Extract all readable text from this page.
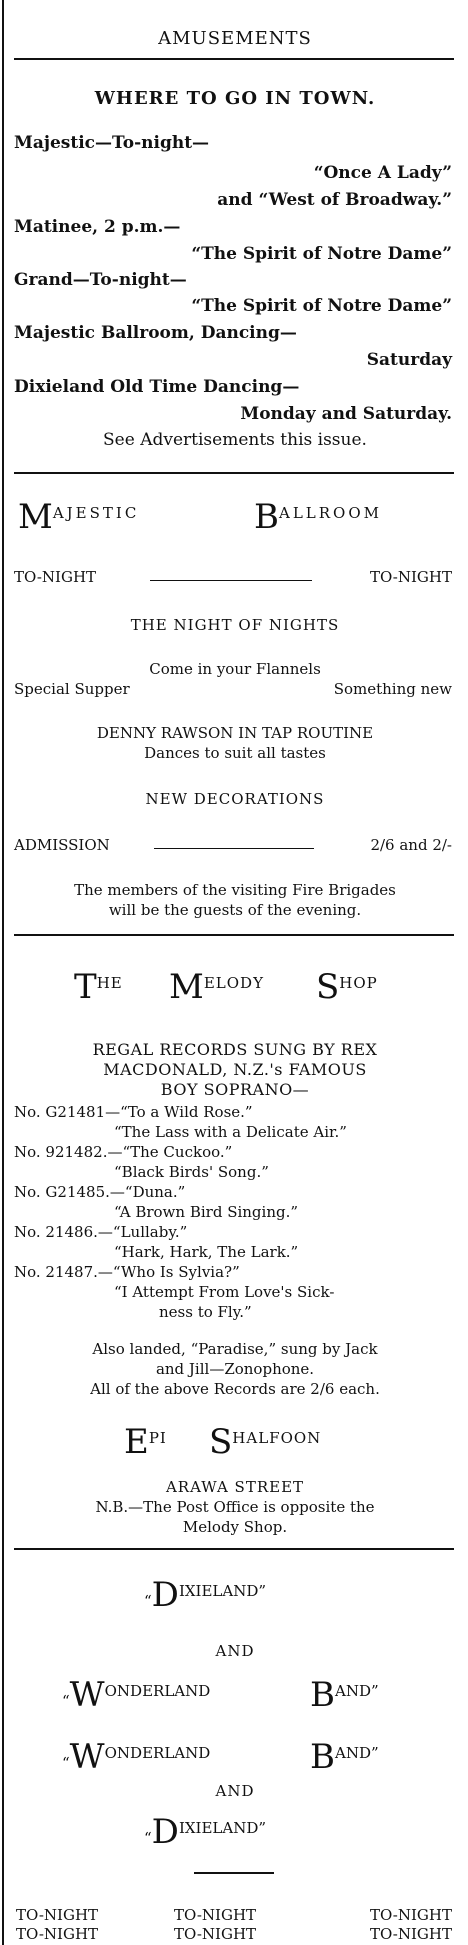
AMUSEMENTS
WHERE TO GO IN TOWN.
Majestic—To-night—
“Once A Lady”
and “West of Broadway.”
Matinee, 2 p.m.—
“The Spirit of Notre Dame”
Grand—To-night—
“The Spirit of Notre Dame”
Majestic Ballroom, Dancing—
Saturday
Dixieland Old Time Dancing—
Monday and Saturday.
See Advertisements this issue.
MAJESTIC	BALLROOM
TO-NIGHT	TO-NIGHT
THE NIGHT OF NIGHTS
Come in your Flannels
Special Supper	Something new
DENNY RAWSON IN TAP ROUTINE
Dances to suit all tastes
NEW DECORATIONS
ADMISSION	2/6 and 2/-
The members of the visiting Fire Brigades
will be the guests of the evening.
THE MELODY SHOP
REGAL RECORDS SUNG BY REX
MACDONALD, N.Z.'s FAMOUS
BOY SOPRANO—
No. G21481—“To a Wild Rose.”
“The Lass with a Delicate Air.”
No. 921482.—“The Cuckoo.”
“Black Birds' Song.”
No. G21485.—“Duna.”
“A Brown Bird Singing.”
No. 21486.—“Lullaby.”
“Hark, Hark, The Lark.”
No. 21487.—“Who Is Sylvia?”
“I Attempt From Love's Sick-
ness to Fly.”
Also landed, “Paradise,” sung by Jack
and Jill—Zonophone.
All of the above Records are 2/6 each.
EPI SHALFOON
ARAWA STREET
N.B.—The Post Office is opposite the
Melody Shop.
“DIXIELAND”
AND
“WONDERLAND	BAND”
“WONDERLAND	BAND”
AND
“DIXIELAND”
TO-NIGHT	TO-NIGHT	TO-NIGHT
TO-NIGHT	TO-NIGHT	TO-NIGHT
